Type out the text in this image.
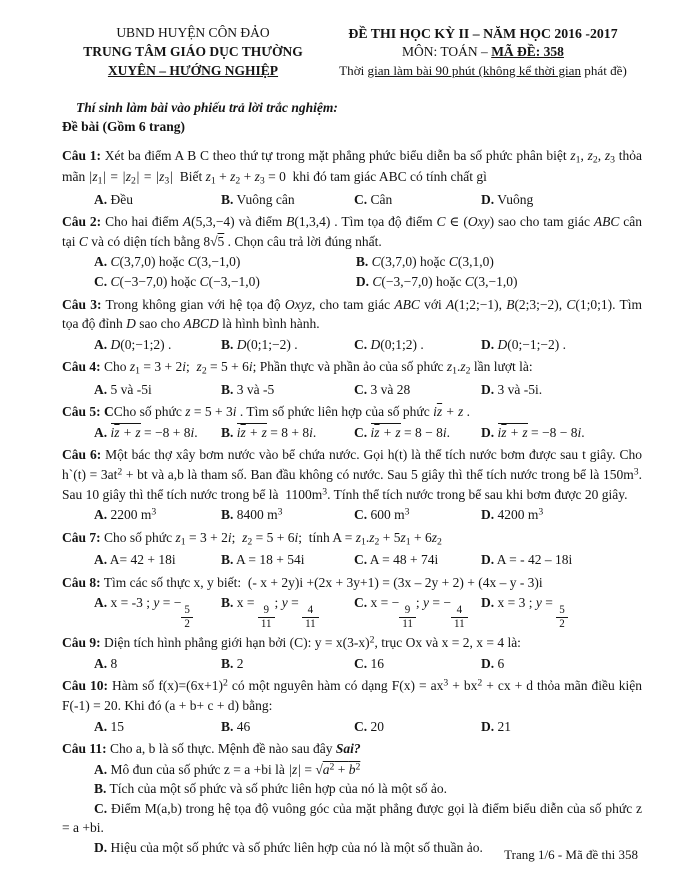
UBND HUYỆN CÔN ĐẢO
TRUNG TÂM GIÁO DỤC THƯỜNG
XUYÊN – HƯỚNG NGHIỆP
ĐỀ THI HỌC KỲ II – NĂM HỌC 2016 -2017
MÔN: TOÁN – MÃ ĐỀ: 358
Thời gian làm bài 90 phút (không kể thời gian phát đề)
Thí sinh làm bài vào phiếu trả lời trắc nghiệm:
Đề bài (Gồm 6 trang)

Câu 1: Xét ba điểm A B C theo thứ tự trong mặt phẳng phức biểu diễn ba số phức phân biệt $z_1$, $z_2$, $z_3$ thỏa mãn $|z_1| = |z_2| = |z_3|$  Biết $z_1 + z_2 + z_3 = 0$  khi đó tam giác ABC có tính chất gì

A. Đều	B. Vuông cân	C. Cân	D. Vuông

Câu 2: Cho hai điểm A(5,3,−4) và điểm B(1,3,4) . Tìm tọa độ điểm C ∈ (Oxy) sao cho tam giác ABC cân tại C và có diện tích bằng 8√5 . Chọn câu trả lời đúng nhất.

A. C(3,7,0) hoặc C(3,−1,0)	B. C(3,7,0) hoặc C(3,1,0)
C. C(−3−7,0) hoặc C(−3,−1,0)	D. C(−3,−7,0) hoặc C(3,−1,0)

Câu 3: Trong không gian với hệ tọa độ Oxyz, cho tam giác ABC với A(1;2;−1), B(2;3;−2), C(1;0;1). Tìm tọa độ đỉnh D sao cho ABCD là hình bình hành.

A. D(0;−1;2) .	B. D(0;1;−2) .	C. D(0;1;2) .	D. D(0;−1;−2) .

Câu 4: Cho $z_1 = 3 + 2i$;  $z_2 = 5 + 6i$; Phần thực và phần ảo của số phức $z_1.z_2$ lần lượt là:

A. 5 và -5i	B. 3 và -5	C. 3 và 28	D. 3 và -5i.

Câu 5: CCho số phức z = 5 + 3i . Tìm số phức liên hợp của số phức $i\overline{z} + z$ .

A. $i\overline{z} + z = -8 + 8i$.	B. $i\overline{z} + z = 8 + 8i$.	C. $i\overline{z} + z = 8 - 8i$.	D. $i\overline{z} + z = -8 - 8i$.

Câu 6: Một bác thợ xây bơm nước vào bể chứa nước. Gọi h(t) là thể tích nước bơm được sau t giây. Cho h`(t) = $3at^2$ + bt và a,b là tham số. Ban đầu không có nước. Sau 5 giây thì thể tích nước trong bể là $150m^3$. Sau 10 giây thì thể tích nước trong bể là  $1100m^3$. Tính thể tích nước trong bể sau khi bơm được 20 giây.

A. 2200 $m^3$	B. 8400 $m^3$	C. 600 $m^3$	D. 4200 $m^3$

Câu 7: Cho số phức $z_1 = 3 + 2i$;  $z_2 = 5 + 6i$;  tính $A = z_1.z_2 + 5z_1 + 6z_2$

A. A= 42 + 18i	B. A = 18 + 54i	C. A = 48 + 74i	D. A = - 42 – 18i

Câu 8: Tìm các số thực x, y biết:  (- x + 2y)i +(2x + 3y+1) = (3x – 2y + 2) + (4x – y - 3)i

A. x = -3 ; y = −
$\frac{5}{2}$
B. x =
$\frac{9}{11}$
; y =
$\frac{4}{11}$
C. x = −
$\frac{9}{11}$
; y = −
$\frac{4}{11}$
D. x = 3 ; y =
$\frac{5}{2}$

Câu 9: Diện tích hình phẳng giới hạn bởi (C): $y = x(3-x)^2$, trục Ox và x = 2, x = 4 là:

A. 8	B. 2	C. 16	D. 6

Câu 10: Hàm số $f(x)=(6x+1)^2$ có một nguyên hàm có dạng $F(x) = ax^3 + bx^2$ + cx + d thỏa mãn điều kiện F(-1) = 20. Khi đó (a + b+ c + d) bằng:

A. 15	B. 46	C. 20	D. 21

Câu 11: Cho a, b là số thực. Mệnh đề nào sau đây Sai?

A. Mô đun của số phức z = a +bi là $|z| = √a^2 + b^2$

B. Tích của một số phức và số phức liên hợp của nó là một số ảo.

C. Điểm M(a,b) trong hệ tọa độ vuông góc của mặt phẳng được gọi là điểm biểu diễn của số phức z = a +bi.

D. Hiệu của một số phức và số phức liên hợp của nó là một số thuần ảo.	Trang 1/6 - Mã đề thi 358
